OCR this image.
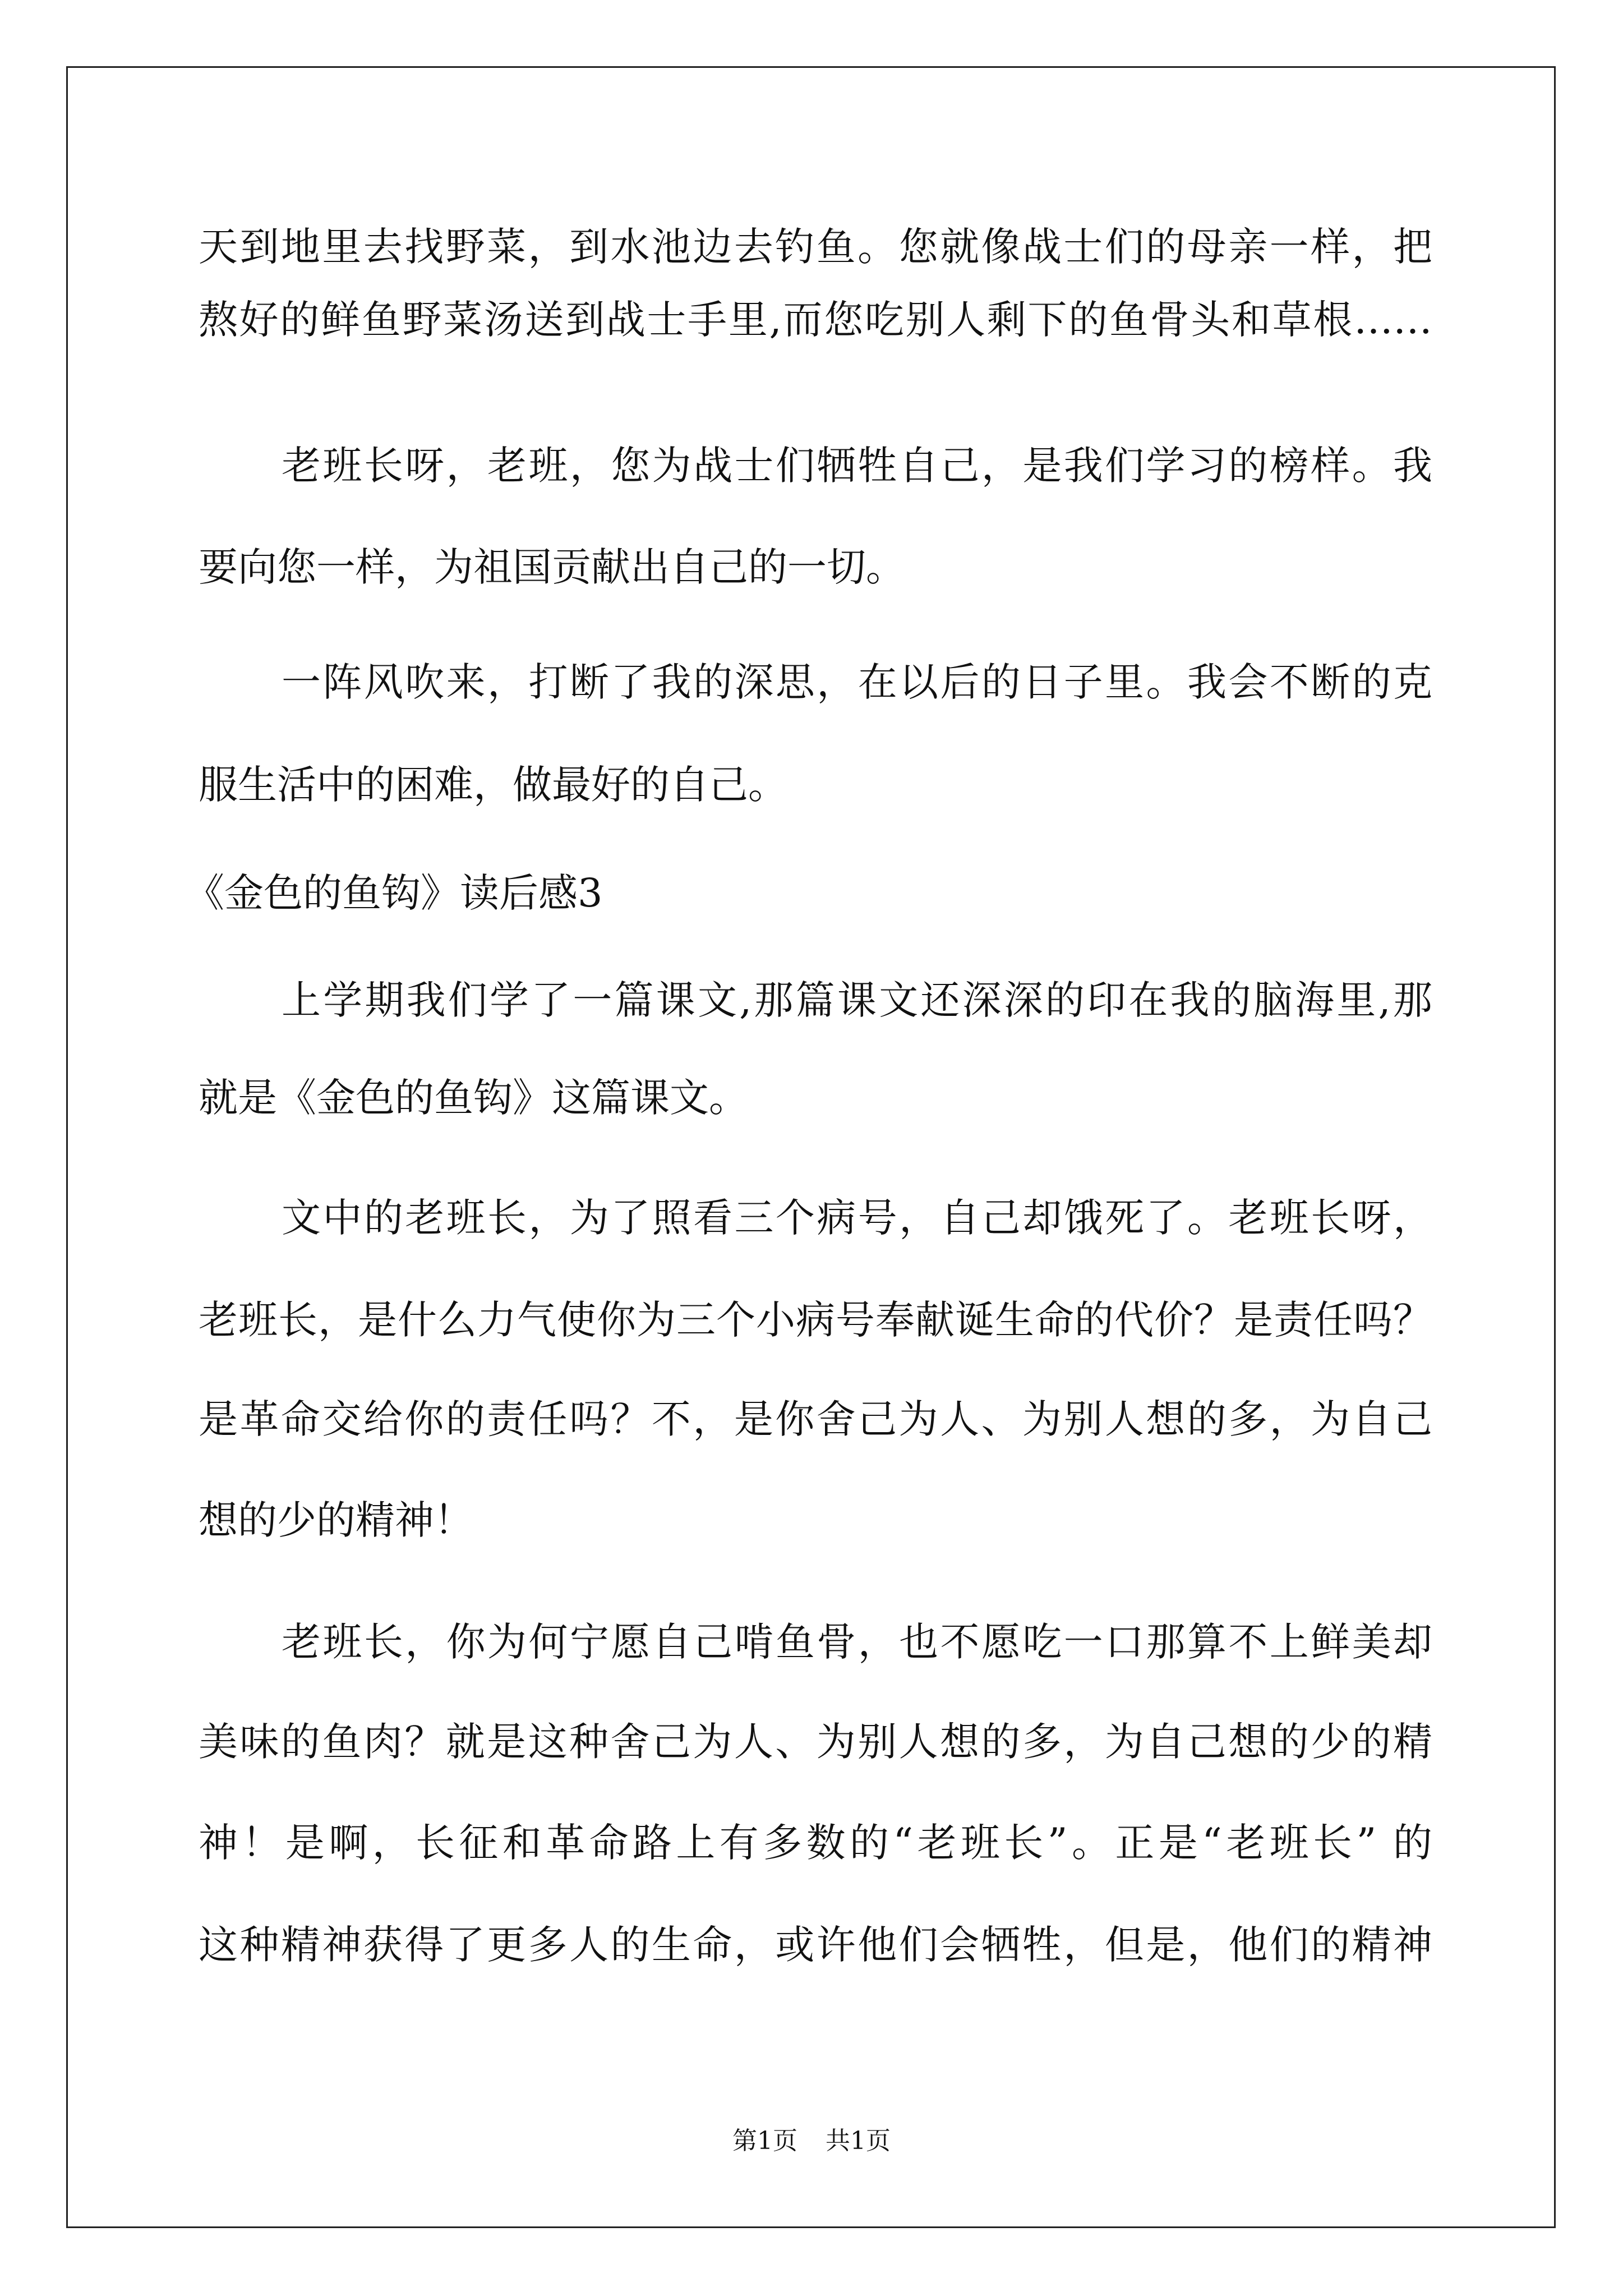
天到地里去找野菜，到水池边去钓鱼。您就像战士们的母亲一样，把
熬好的鲜鱼野菜汤送到战士手里,而您吃别人剩下的鱼骨头和草根……
老班长呀，老班，您为战士们牺牲自己，是我们学习的榜样。我
要向您一样，为祖国贡献出自己的一切。
一阵风吹来，打断了我的深思，在以后的日子里。我会不断的克
服生活中的困难，做最好的自己。
《金色的鱼钩》读后感3
上学期我们学了一篇课文,那篇课文还深深的印在我的脑海里,那
就是《金色的鱼钩》这篇课文。
文中的老班长，为了照看三个病号，自己却饿死了。老班长呀，
老班长，是什么力气使你为三个小病号奉献诞生命的代价？是责任吗？
是革命交给你的责任吗？不，是你舍己为人、为别人想的多，为自己
想的少的精神！
老班长，你为何宁愿自己啃鱼骨，也不愿吃一口那算不上鲜美却
美味的鱼肉？就是这种舍己为人、为别人想的多，为自己想的少的精
神！是啊，长征和革命路上有多数的“老班长”。正是“老班长” 的
这种精神获得了更多人的生命，或许他们会牺牲，但是，他们的精神
第1页 共1页
